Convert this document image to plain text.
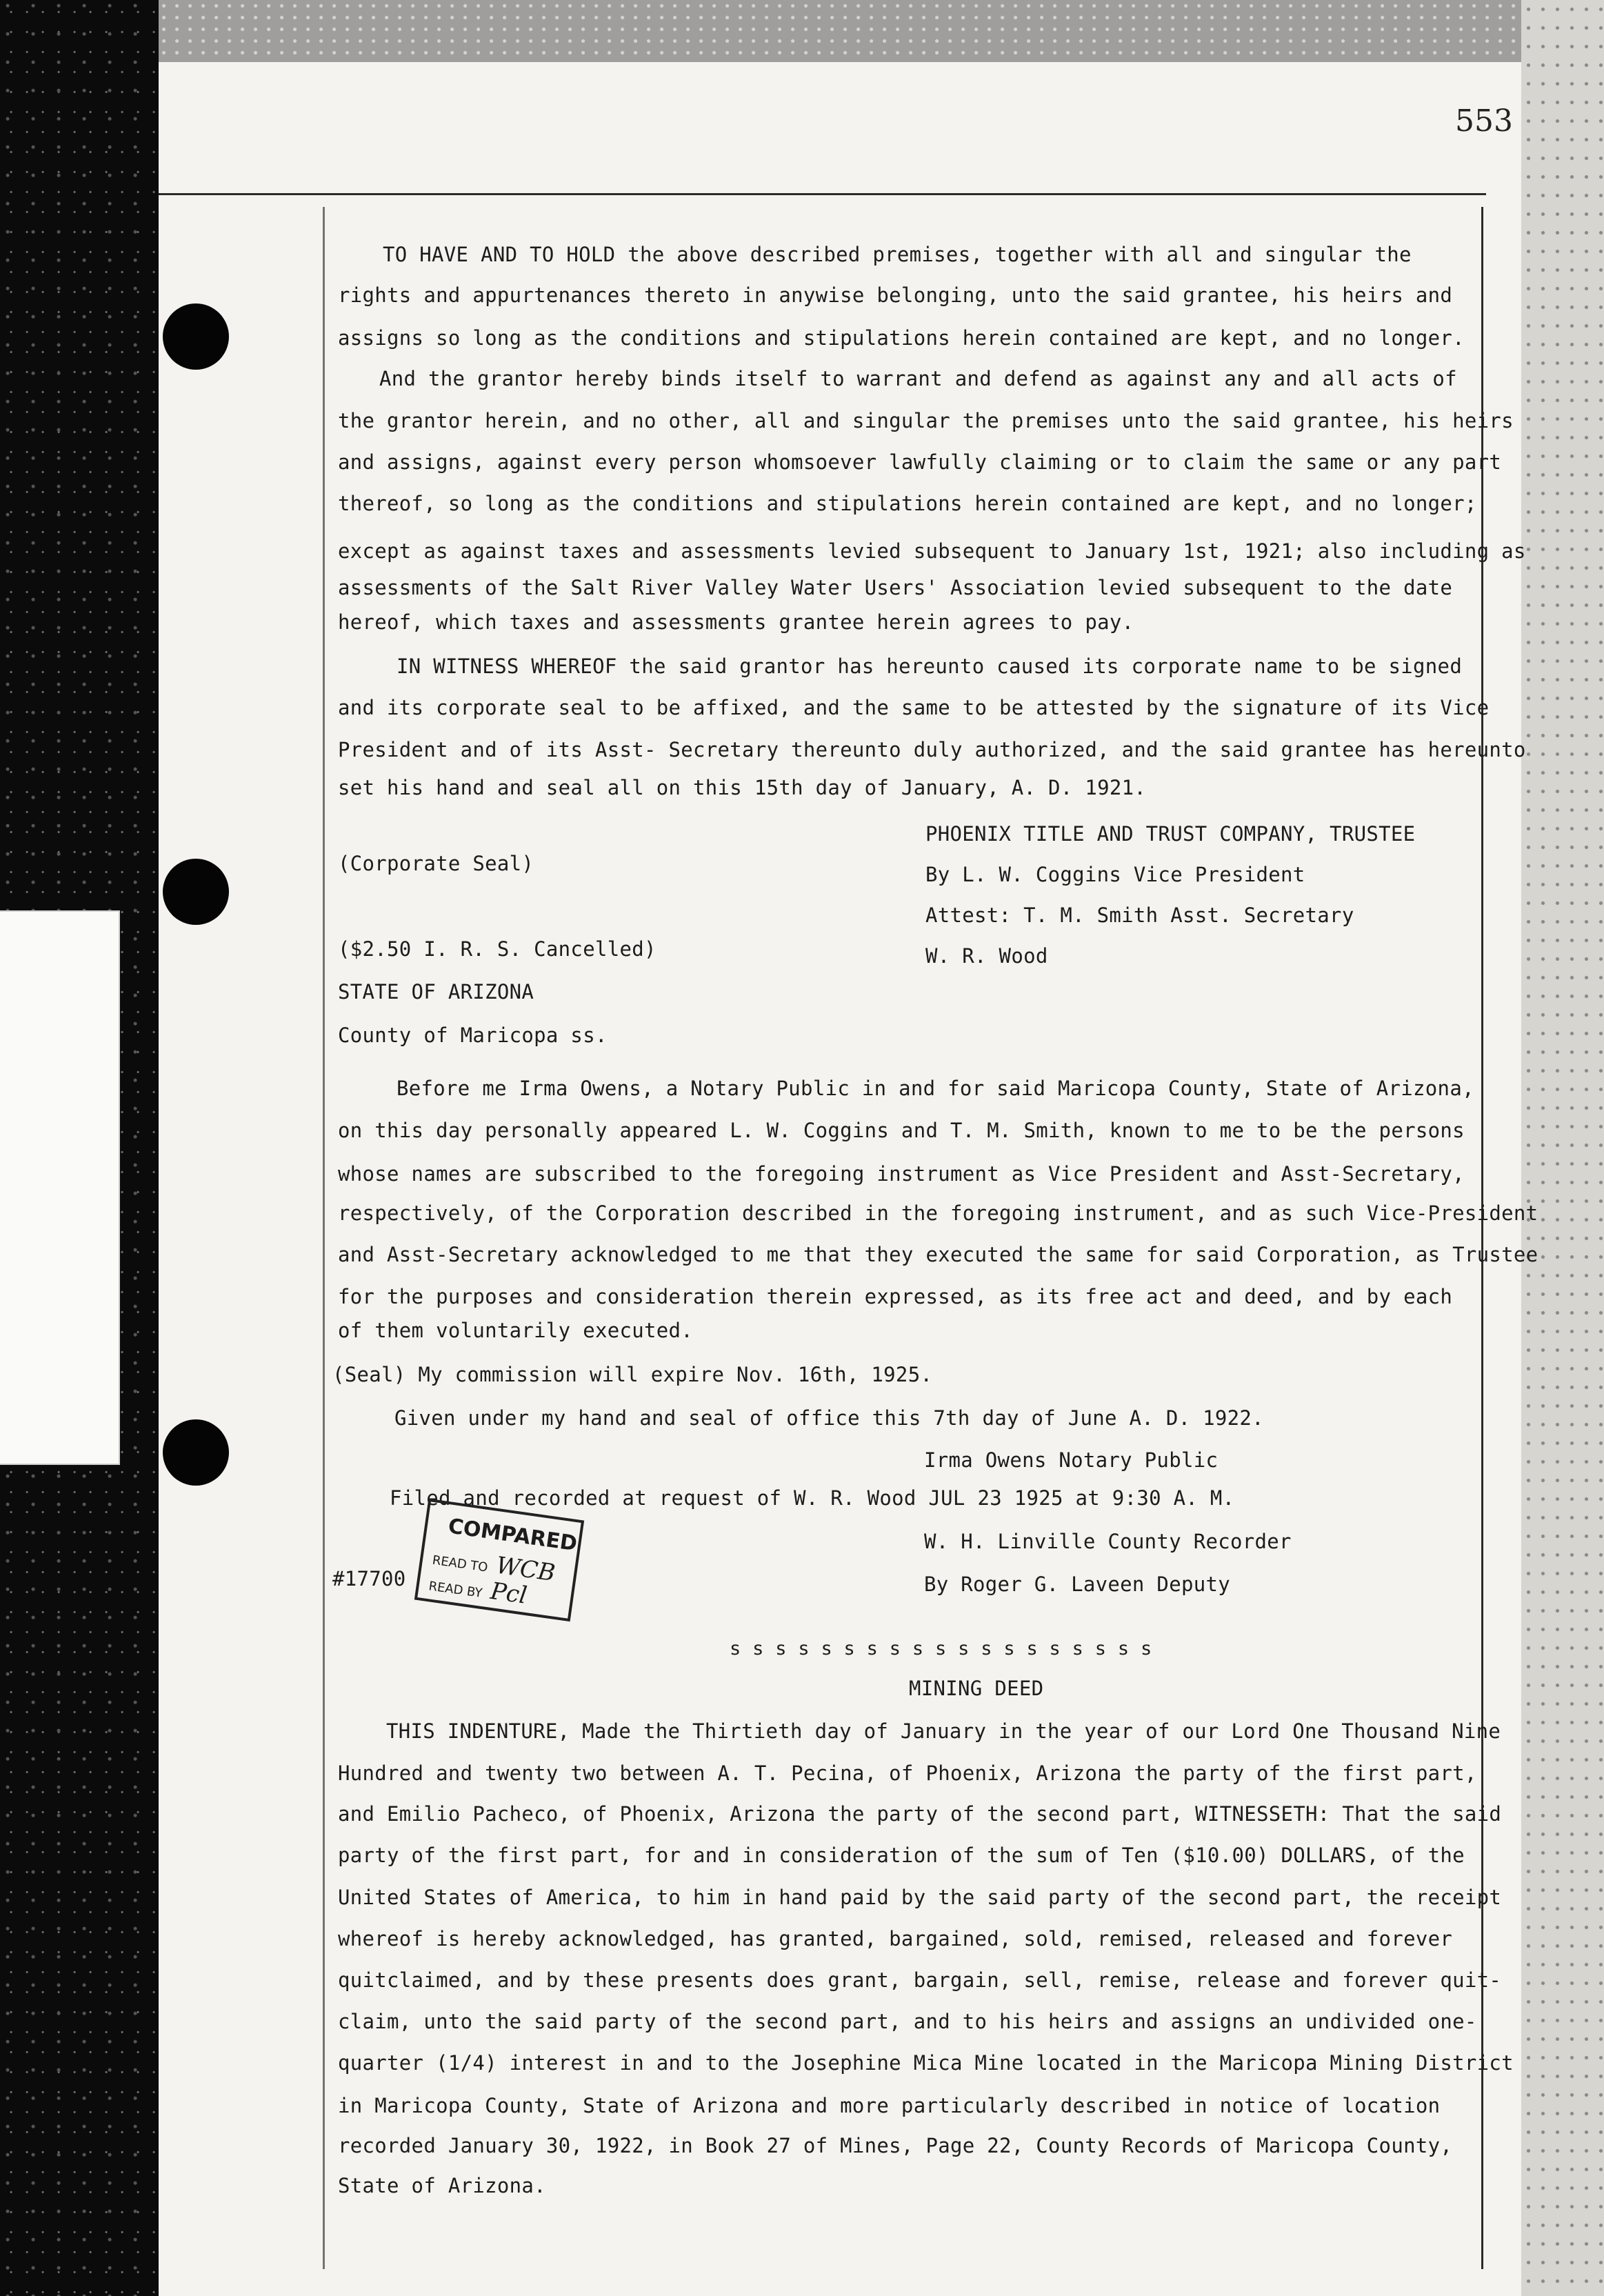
553
TO HAVE AND TO HOLD the above described premises, together with all and singular the
rights and appurtenances thereto in anywise belonging, unto the said grantee, his heirs and
assigns so long as the conditions and stipulations herein contained are kept, and no longer.
And the grantor hereby binds itself to warrant and defend as against any and all acts of
the grantor herein, and no other, all and singular the premises unto the said grantee, his heirs
and assigns, against every person whomsoever lawfully claiming or to claim the same or any part
thereof, so long as the conditions and stipulations herein contained are kept, and no longer;
except as against taxes and assessments levied subsequent to January 1st, 1921; also including as
assessments of the Salt River Valley Water Users' Association levied subsequent to the date
hereof, which taxes and assessments grantee herein agrees to pay.
IN WITNESS WHEREOF the said grantor has hereunto caused its corporate name to be signed
and its corporate seal to be affixed, and the same to be attested by the signature of its Vice
President and of its Asst- Secretary thereunto duly authorized, and the said grantee has hereunto
set his hand and seal all on this 15th day of January, A. D. 1921.
PHOENIX TITLE AND TRUST COMPANY, TRUSTEE
(Corporate Seal)	By L. W. Coggins Vice President
Attest: T. M. Smith Asst. Secretary
($2.50 I. R. S. Cancelled)	W. R. Wood
STATE OF ARIZONA
County of Maricopa ss.
Before me Irma Owens, a Notary Public in and for said Maricopa County, State of Arizona,
on this day personally appeared L. W. Coggins and T. M. Smith, known to me to be the persons
whose names are subscribed to the foregoing instrument as Vice President and Asst-Secretary,
respectively, of the Corporation described in the foregoing instrument, and as such Vice-President
and Asst-Secretary acknowledged to me that they executed the same for said Corporation, as Trustee
for the purposes and consideration therein expressed, as its free act and deed, and by each
of them voluntarily executed.
(Seal) My commission will expire Nov. 16th, 1925.
Given under my hand and seal of office this 7th day of June A. D. 1922.
Irma Owens Notary Public
Filed and recorded at request of W. R. Wood JUL 23 1925 at 9:30 A. M.
W. H. Linville County Recorder
#17700	By Roger G. Laveen Deputy
s s s s s s s s s s s s s s s s s s s
MINING DEED
THIS INDENTURE, Made the Thirtieth day of January in the year of our Lord One Thousand Nine
Hundred and twenty two between A. T. Pecina, of Phoenix, Arizona the party of the first part,
and Emilio Pacheco, of Phoenix, Arizona the party of the second part, WITNESSETH: That the said
party of the first part, for and in consideration of the sum of Ten ($10.00) DOLLARS, of the
United States of America, to him in hand paid by the said party of the second part, the receipt
whereof is hereby acknowledged, has granted, bargained, sold, remised, released and forever
quitclaimed, and by these presents does grant, bargain, sell, remise, release and forever quit-
claim, unto the said party of the second part, and to his heirs and assigns an undivided one-
quarter (1/4) interest in and to the Josephine Mica Mine located in the Maricopa Mining District
in Maricopa County, State of Arizona and more particularly described in notice of location
recorded January 30, 1922, in Book 27 of Mines, Page 22, County Records of Maricopa County,
State of Arizona.
COMPARED
READ TO WCB
READ BY Pcl
